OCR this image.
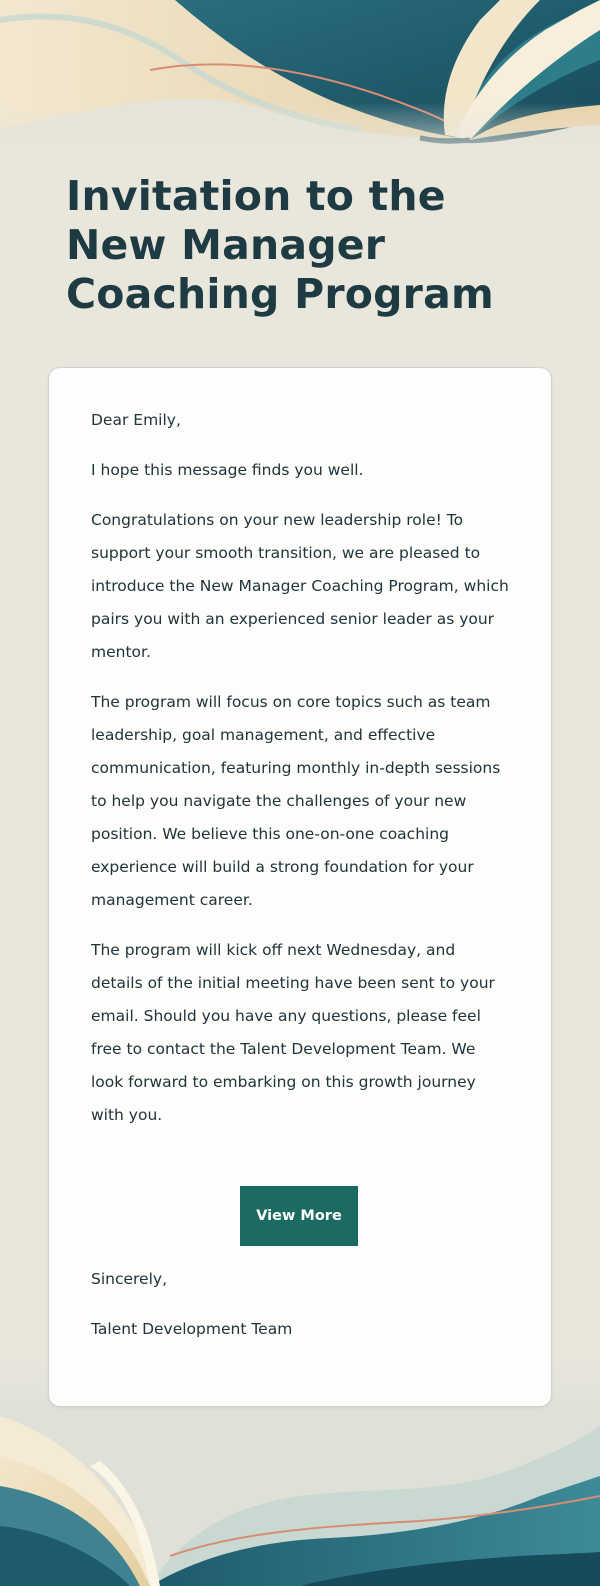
Invitation to the New Manager Coaching Program

Dear Emily,

I hope this message finds you well.

Congratulations on your new leadership role! To support your smooth transition, we are pleased to introduce the New Manager Coaching Program, which pairs you with an experienced senior leader as your mentor.

The program will focus on core topics such as team leadership, goal management, and effective communication, featuring monthly in-depth sessions to help you navigate the challenges of your new position. We believe this one-on-one coaching experience will build a strong foundation for your management career.

The program will kick off next Wednesday, and details of the initial meeting have been sent to your email. Should you have any questions, please feel free to contact the Talent Development Team. We look forward to embarking on this growth journey with you.

View More

Sincerely,

Talent Development Team
